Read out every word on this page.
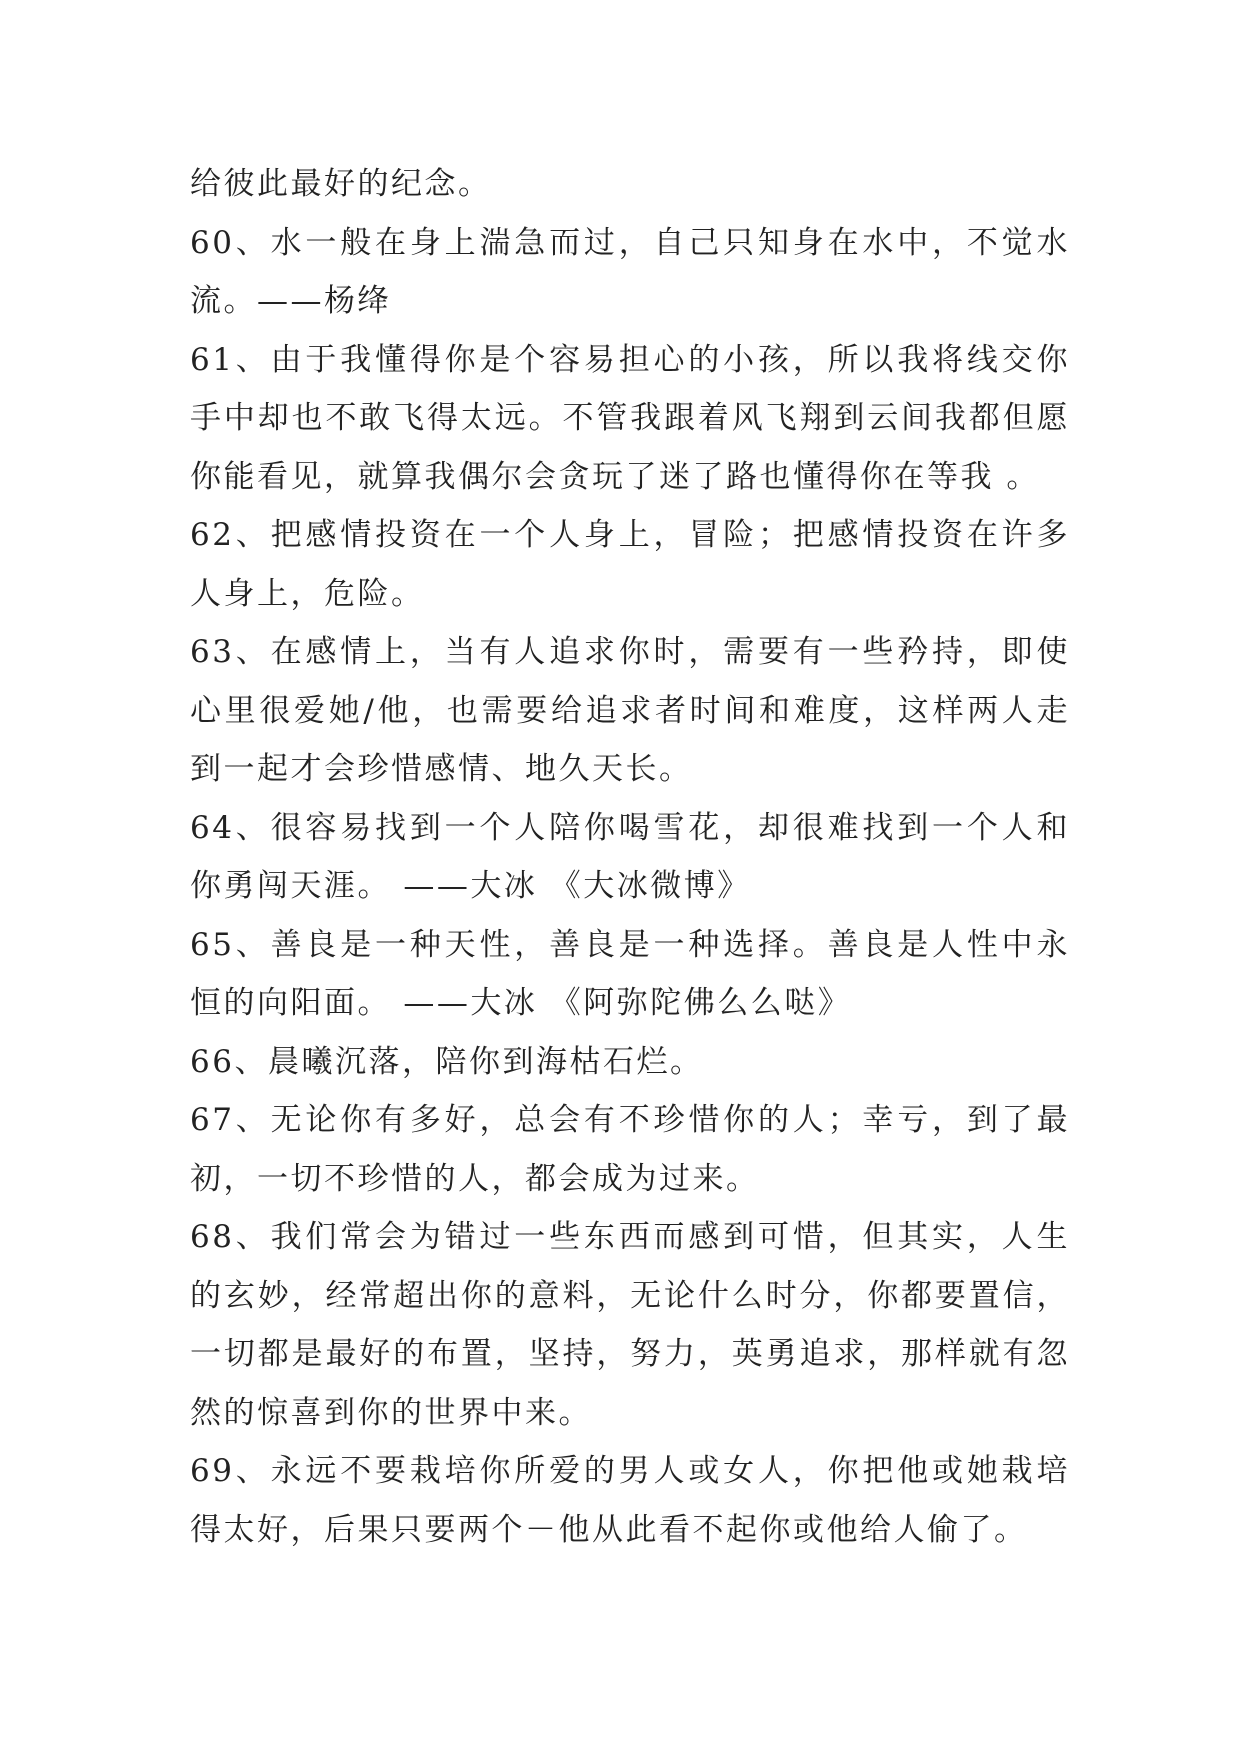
给彼此最好的纪念。

60、水一般在身上湍急而过，自己只知身在水中，不觉水流。——杨绛

61、由于我懂得你是个容易担心的小孩，所以我将线交你手中却也不敢飞得太远。不管我跟着风飞翔到云间我都但愿你能看见，就算我偶尔会贪玩了迷了路也懂得你在等我 。

62、把感情投资在一个人身上，冒险；把感情投资在许多人身上，危险。

63、在感情上，当有人追求你时，需要有一些矜持，即使心里很爱她/他，也需要给追求者时间和难度，这样两人走到一起才会珍惜感情、地久天长。

64、很容易找到一个人陪你喝雪花，却很难找到一个人和你勇闯天涯。 ——大冰 《大冰微博》

65、善良是一种天性，善良是一种选择。善良是人性中永恒的向阳面。 ——大冰 《阿弥陀佛么么哒》

66、晨曦沉落，陪你到海枯石烂。

67、无论你有多好，总会有不珍惜你的人；幸亏，到了最初，一切不珍惜的人，都会成为过来。

68、我们常会为错过一些东西而感到可惜，但其实，人生的玄妙，经常超出你的意料，无论什么时分，你都要置信，一切都是最好的布置，坚持，努力，英勇追求，那样就有忽然的惊喜到你的世界中来。

69、永远不要栽培你所爱的男人或女人，你把他或她栽培得太好，后果只要两个－他从此看不起你或他给人偷了。
